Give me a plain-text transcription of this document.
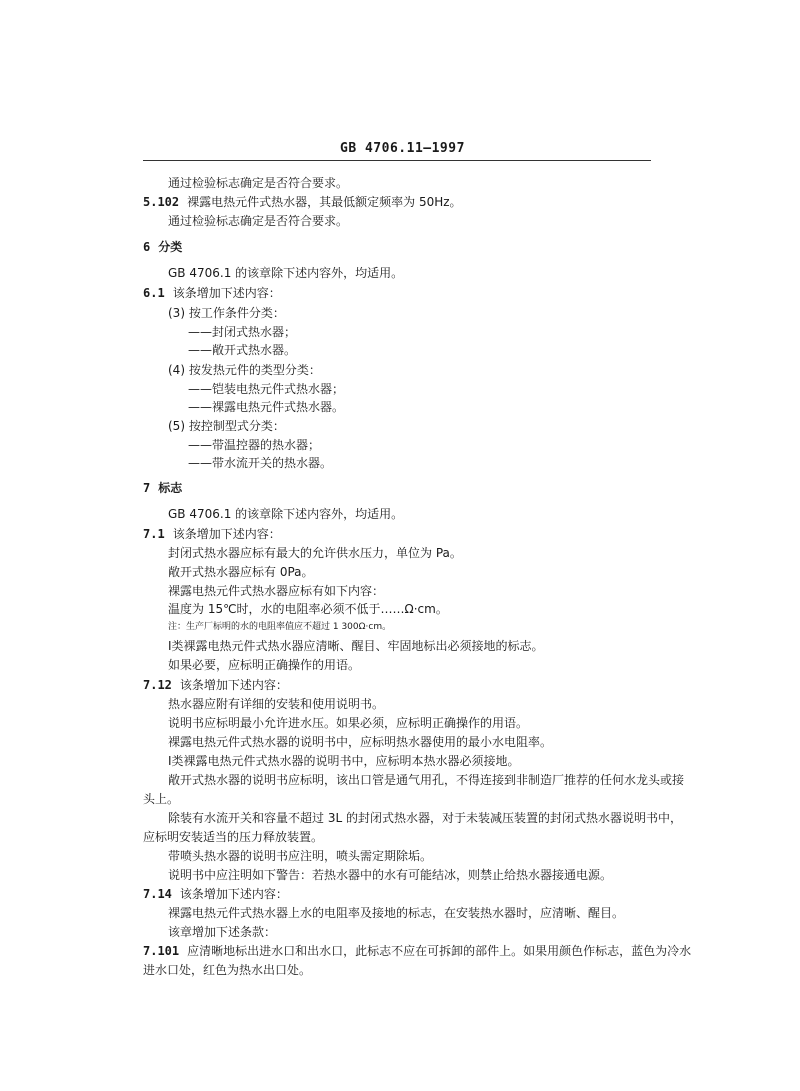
GB 4706.11—1997
通过检验标志确定是否符合要求。
5.102 裸露电热元件式热水器，其最低额定频率为 50Hz。
通过检验标志确定是否符合要求。
6 分类
GB 4706.1 的该章除下述内容外，均适用。
6.1 该条增加下述内容：
(3) 按工作条件分类：
——封闭式热水器；
——敞开式热水器。
(4) 按发热元件的类型分类：
——铠装电热元件式热水器；
——裸露电热元件式热水器。
(5) 按控制型式分类：
——带温控器的热水器；
——带水流开关的热水器。
7 标志
GB 4706.1 的该章除下述内容外，均适用。
7.1 该条增加下述内容：
封闭式热水器应标有最大的允许供水压力，单位为 Pa。
敞开式热水器应标有 0Pa。
裸露电热元件式热水器应标有如下内容：
温度为 15℃时，水的电阻率必须不低于……Ω·cm。
注：生产厂标明的水的电阻率值应不超过 1 300Ω·cm。
Ⅰ类裸露电热元件式热水器应清晰、醒目、牢固地标出必须接地的标志。
如果必要，应标明正确操作的用语。
7.12 该条增加下述内容：
热水器应附有详细的安装和使用说明书。
说明书应标明最小允许进水压。如果必须，应标明正确操作的用语。
裸露电热元件式热水器的说明书中，应标明热水器使用的最小水电阻率。
Ⅰ类裸露电热元件式热水器的说明书中，应标明本热水器必须接地。
敞开式热水器的说明书应标明，该出口管是通气用孔，不得连接到非制造厂推荐的任何水龙头或接
头上。
除装有水流开关和容量不超过 3L 的封闭式热水器，对于未装减压装置的封闭式热水器说明书中，
应标明安装适当的压力释放装置。
带喷头热水器的说明书应注明，喷头需定期除垢。
说明书中应注明如下警告：若热水器中的水有可能结冰，则禁止给热水器接通电源。
7.14 该条增加下述内容：
裸露电热元件式热水器上水的电阻率及接地的标志，在安装热水器时，应清晰、醒目。
该章增加下述条款：
7.101 应清晰地标出进水口和出水口，此标志不应在可拆卸的部件上。如果用颜色作标志，蓝色为冷水
进水口处，红色为热水出口处。
